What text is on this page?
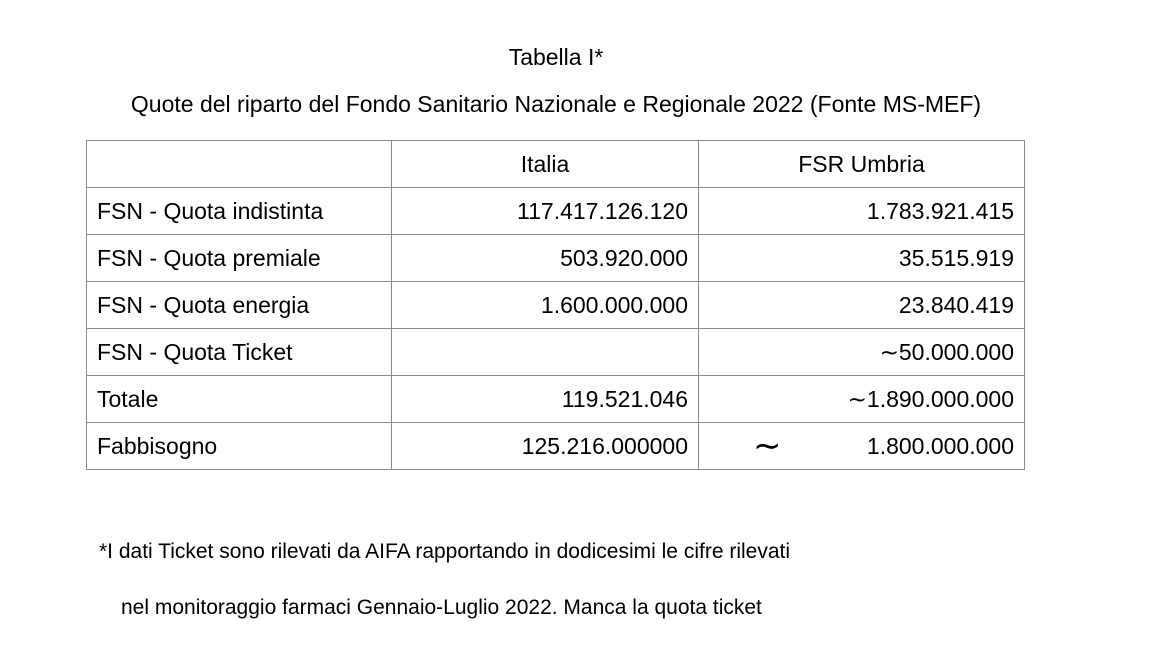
Tabella I*
Quote del riparto del Fondo Sanitario Nazionale e Regionale 2022 (Fonte MS-MEF)
	Italia	FSR Umbria
FSN - Quota indistinta	117.417.126.120	1.783.921.415
FSN - Quota premiale	503.920.000	35.515.919
FSN - Quota energia	1.600.000.000	23.840.419
FSN - Quota Ticket		∼50.000.000
Totale	119.521.046	∼1.890.000.000
Fabbisogno	125.216.000000	∼ 1.800.000.000
*I dati Ticket sono rilevati da AIFA rapportando in dodicesimi le cifre rilevati
nel monitoraggio farmaci Gennaio-Luglio 2022. Manca la quota ticket
